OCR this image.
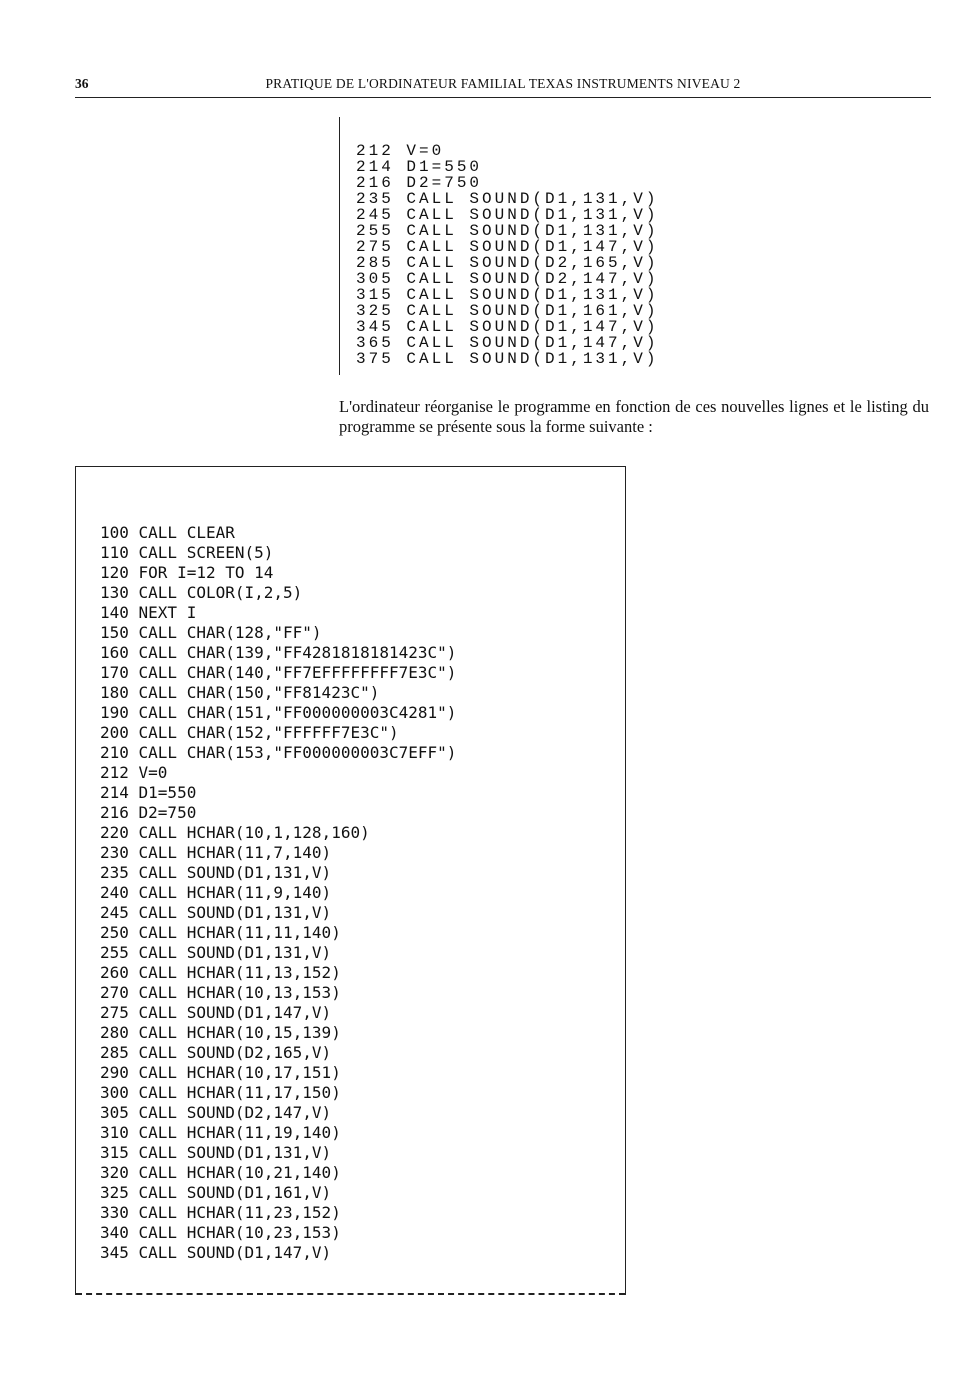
36	PRATIQUE DE L'ORDINATEUR FAMILIAL TEXAS INSTRUMENTS NIVEAU 2
212 V=0
214 D1=550
216 D2=750
235 CALL SOUND(D1,131,V)
245 CALL SOUND(D1,131,V)
255 CALL SOUND(D1,131,V)
275 CALL SOUND(D1,147,V)
285 CALL SOUND(D2,165,V)
305 CALL SOUND(D2,147,V)
315 CALL SOUND(D1,131,V)
325 CALL SOUND(D1,161,V)
345 CALL SOUND(D1,147,V)
365 CALL SOUND(D1,147,V)
375 CALL SOUND(D1,131,V)
L'ordinateur réorganise le programme en fonction de ces nouvelles lignes et le listing du programme se présente sous la forme suivante :
100 CALL CLEAR
110 CALL SCREEN(5)
120 FOR I=12 TO 14
130 CALL COLOR(I,2,5)
140 NEXT I
150 CALL CHAR(128,"FF")
160 CALL CHAR(139,"FF4281818181423C")
170 CALL CHAR(140,"FF7EFFFFFFFF7E3C")
180 CALL CHAR(150,"FF81423C")
190 CALL CHAR(151,"FF000000003C4281")
200 CALL CHAR(152,"FFFFFF7E3C")
210 CALL CHAR(153,"FF000000003C7EFF")
212 V=0
214 D1=550
216 D2=750
220 CALL HCHAR(10,1,128,160)
230 CALL HCHAR(11,7,140)
235 CALL SOUND(D1,131,V)
240 CALL HCHAR(11,9,140)
245 CALL SOUND(D1,131,V)
250 CALL HCHAR(11,11,140)
255 CALL SOUND(D1,131,V)
260 CALL HCHAR(11,13,152)
270 CALL HCHAR(10,13,153)
275 CALL SOUND(D1,147,V)
280 CALL HCHAR(10,15,139)
285 CALL SOUND(D2,165,V)
290 CALL HCHAR(10,17,151)
300 CALL HCHAR(11,17,150)
305 CALL SOUND(D2,147,V)
310 CALL HCHAR(11,19,140)
315 CALL SOUND(D1,131,V)
320 CALL HCHAR(10,21,140)
325 CALL SOUND(D1,161,V)
330 CALL HCHAR(11,23,152)
340 CALL HCHAR(10,23,153)
345 CALL SOUND(D1,147,V)
